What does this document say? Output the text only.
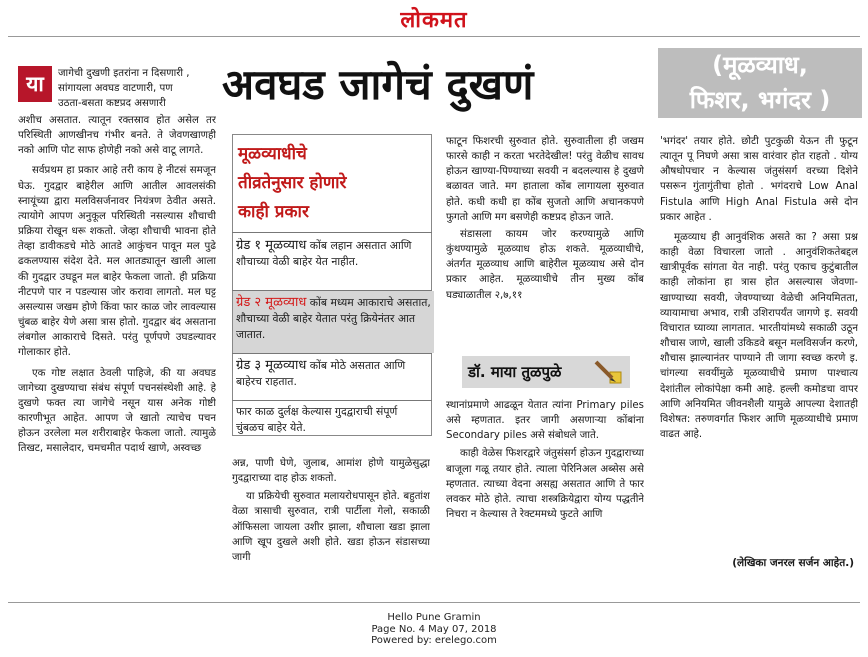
लोकमत
अवघड जागेचं दुखणं	(मूळव्याध,
फिशर, भगंदर )
या	जागेची दुखणी इतरांना न दिसणारी ,

सांगायला अवघड वाटणारी, पण

उठता-बसता कष्टप्रद असणारी

अशीच असतात. त्यातून रक्तस्राव होत असेल तर परिस्थिती आणखीनच गंभीर बनते. ते जेवणखाणही नको आणि पोट साफ होणेही नको असे वाटू लागते.

सर्वप्रथम हा प्रकार आहे तरी काय हे नीटसं समजून घेऊ. गुदद्वार बाहेरील आणि आतील आवलसंकी स्नायूंच्या द्वारा मलविसर्जनावर नियंत्रण ठेवीत असते. त्यायोगे आपण अनुकूल परिस्थिती नसल्यास शौचाची प्रक्रिया रोखून धरू शकतो. जेव्हा शौचाची भावना होते तेव्हा डावीकडचे मोठे आतडे आकुंचन पावून मल पुढे ढकलण्यास संदेश देते. मल आतड्यातून खाली आला की गुदद्वार उघडून मल बाहेर फेकला जातो. ही प्रक्रिया नीटपणे पार न पडल्यास जोर करावा लागतो. मल घट्ट असल्यास जखम होणे किंवा फार काळ जोर लावल्यास चुंबळ बाहेर येणे असा त्रास होतो. गुदद्वार बंद असताना लंबगोल आकाराचे दिसते. परंतु पूर्णपणे उघडल्यावर गोलाकार होते.

एक गोष्ट लक्षात ठेवली पाहिजे, की या अवघड जागेच्या दुखण्याचा संबंध संपूर्ण पचनसंस्थेशी आहे. हे दुखणे फक्त त्या जागेचे नसून यास अनेक गोष्टी कारणीभूत आहेत. आपण जे खातो त्याचेच पचन होऊन उरलेला मल शरीराबाहेर फेकला जातो. त्यामुळे तिखट, मसालेदार, चमचमीत पदार्थ खाणे, अस्वच्छ

मूळव्याधीचे
तीव्रतेनुसार होणारे
काही प्रकार
ग्रेड १ मूळव्याध कोंब लहान असतात आणि शौचाच्या वेळी बाहेर येत नाहीत.
ग्रेड २ मूळव्याध कोंब मध्यम आकाराचे असतात, शौचाच्या वेळी बाहेर येतात परंतु क्रियेनंतर आत जातात.
ग्रेड ३ मूळव्याध कोंब मोठे असतात आणि बाहेरच राहतात.
फार काळ दुर्लक्ष केल्यास गुदद्वाराची संपूर्ण चुंबळच बाहेर येते.

अन्न, पाणी घेणे, जुलाब, आमांश होणे यामुळेसुद्धा गुदद्वाराच्या दाह होऊ शकतो.

या प्रक्रियेची सुरुवात मलायरोधपासून होते. बहुतांश वेळा त्रासाची सुरुवात, रात्री पार्टीला गेलो, सकाळी ऑफिसला जायला उशीर झाला, शौचाला खडा झाला आणि खूप दुखले अशी होते. खडा होऊन संडासच्या जागी

फाटून फिशरची सुरुवात होते. सुरुवातीला ही जखम फारसे काही न करता भरतेदेखील! परंतु वेळीच सावध होऊन खाण्या-पिण्याच्या सवयी न बदलल्यास हे दुखणे बळावत जाते. मग हाताला कोंब लागायला सुरुवात होते. कधी कधी हा कोंब सुजतो आणि अचानकपणे फुगतो आणि मग बसणेही कष्टप्रद होऊन जाते.

संडासला कायम जोर करण्यामुळे आणि कुंथण्यामुळे मूळव्याध होऊ शकते. मूळव्याधीचे, अंतर्गत मूळव्याध आणि बाहेरील मूळव्याध असे दोन प्रकार आहेत. मूळव्याधीचे तीन मुख्य कोंब घड्याळातील २,७,११

डॉ. माया तुळपुळे

स्थानांप्रमाणे आढळून येतात त्यांना Primary piles असे म्हणतात. इतर जागी असणाऱ्या कोंबांना Secondary piles असे संबोधले जाते.

काही वेळेस फिशरद्वारे जंतुसंसर्ग होऊन गुदद्वाराच्या बाजूला गळू तयार होते. त्याला पेरिनिअल अब्सेस असे म्हणतात. त्याच्या वेदना असह्य असतात आणि ते फार लवकर मोठे होते. त्याचा शस्त्रक्रियेद्वारा योग्य पद्धतीने निचरा न केल्यास ते रेक्टममध्ये फुटते आणि

'भगंदर' तयार होते. छोटी पुटकुळी येऊन ती फुटून त्यातून पू निघणे असा त्रास वारंवार होत राहतो . योग्य औषधोपचार न केल्यास जंतुसंसर्ग वरच्या दिशेने पसरून गुंतागुंतीचा होतो . भगंदराचे Low Anal Fistula आणि High Anal Fistula असे दोन प्रकार आहेत .

मूळव्याध ही आनुवंशिक असते का ? असा प्रश्न काही वेळा विचारला जातो . आनुवंशिकतेबद्दल खात्रीपूर्वक सांगता येत नाही. परंतु एकाच कुटुंबातील काही लोकांना हा त्रास होत असल्यास जेवणा-खाण्याच्या सवयी, जेवण्याच्या वेळेची अनियमितता, व्यायामाचा अभाव, रात्री उशिरापर्यंत जागणे इ. सवयी विचारात घ्याव्या लागतात. भारतीयांमध्ये सकाळी उठून शौचास जाणे, खाली उकिडवे बसून मलविसर्जन करणे, शौचास झाल्यानंतर पाण्याने ती जागा स्वच्छ करणे इ. चांगल्या सवयींमुळे मूळव्याधीचे प्रमाण पाश्चात्य देशांतील लोकांपेक्षा कमी आहे. हल्ली कमोडचा वापर आणि अनियमित जीवनशैली यामुळे आपल्या देशातही विशेषत: तरुणवर्गात फिशर आणि मूळव्याधीचे प्रमाण वाढत आहे.

(लेखिका जनरल सर्जन आहेत.)
Hello Pune Gramin
Page No. 4 May 07, 2018
Powered by: erelego.com
